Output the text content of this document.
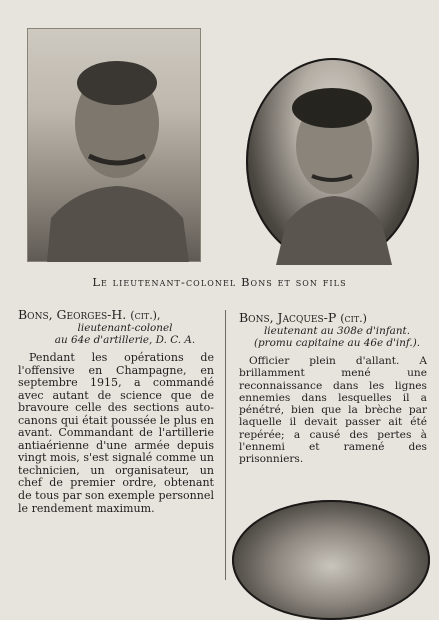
Le lieutenant-colonel Bons et son fils
Bons, Georges-H. (cit.),
lieutenant-colonel
au 64e d'artillerie, D. C. A.
Pendant les opérations de l'offensive en Champagne, en septembre 1915, a commandé avec autant de science que de bravoure celle des sections auto-canons qui était poussée le plus en avant. Commandant de l'artillerie antiaérienne d'une armée depuis vingt mois, s'est signalé comme un technicien, un organisateur, un chef de premier ordre, obtenant de tous par son exemple personnel le rendement maximum.
Bons, Jacques-P (cit.)
lieutenant au 308e d'infant.
(promu capitaine au 46e d'inf.).
Officier plein d'allant. A brillamment mené une reconnaissance dans les lignes ennemies dans lesquelles il a pénétré, bien que la brèche par laquelle il devait passer ait été repérée; a causé des pertes à l'ennemi et ramené des prisonniers.
